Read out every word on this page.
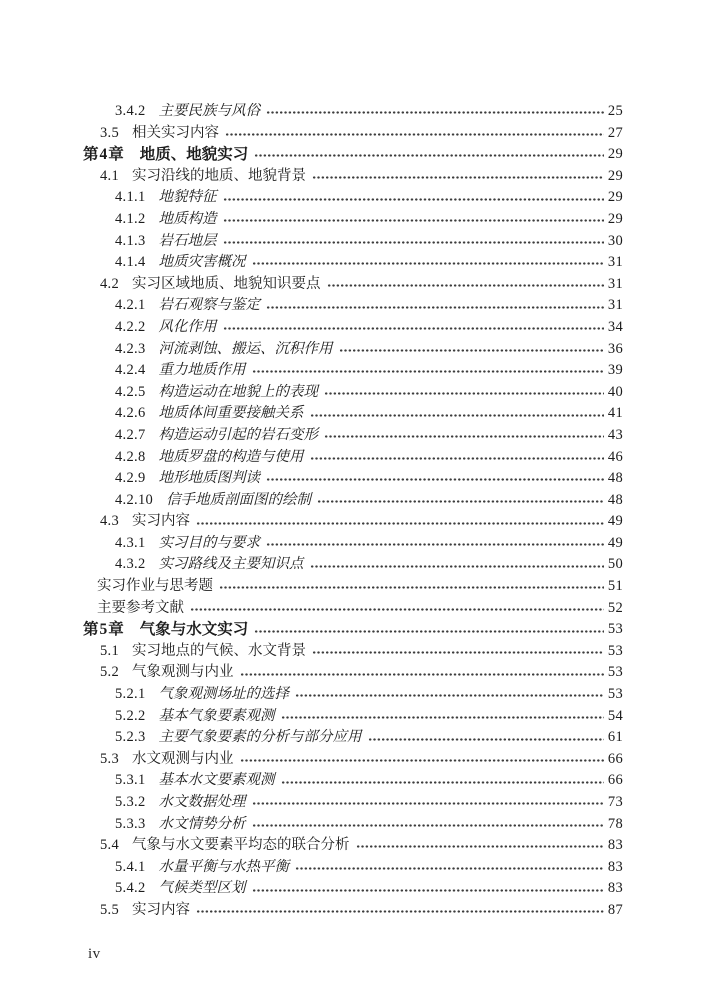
3.4.2 主要民族与风俗	25
3.5 相关实习内容	27
第4章 地质、地貌实习	29
4.1 实习沿线的地质、地貌背景	29
4.1.1 地貌特征	29
4.1.2 地质构造	29
4.1.3 岩石地层	30
4.1.4 地质灾害概况	31
4.2 实习区域地质、地貌知识要点	31
4.2.1 岩石观察与鉴定	31
4.2.2 风化作用	34
4.2.3 河流剥蚀、搬运、沉积作用	36
4.2.4 重力地质作用	39
4.2.5 构造运动在地貌上的表现	40
4.2.6 地质体间重要接触关系	41
4.2.7 构造运动引起的岩石变形	43
4.2.8 地质罗盘的构造与使用	46
4.2.9 地形地质图判读	48
4.2.10 信手地质剖面图的绘制	48
4.3 实习内容	49
4.3.1 实习目的与要求	49
4.3.2 实习路线及主要知识点	50
实习作业与思考题	51
主要参考文献	52
第5章 气象与水文实习	53
5.1 实习地点的气候、水文背景	53
5.2 气象观测与内业	53
5.2.1 气象观测场址的选择	53
5.2.2 基本气象要素观测	54
5.2.3 主要气象要素的分析与部分应用	61
5.3 水文观测与内业	66
5.3.1 基本水文要素观测	66
5.3.2 水文数据处理	73
5.3.3 水文情势分析	78
5.4 气象与水文要素平均态的联合分析	83
5.4.1 水量平衡与水热平衡	83
5.4.2 气候类型区划	83
5.5 实习内容	87
iv
